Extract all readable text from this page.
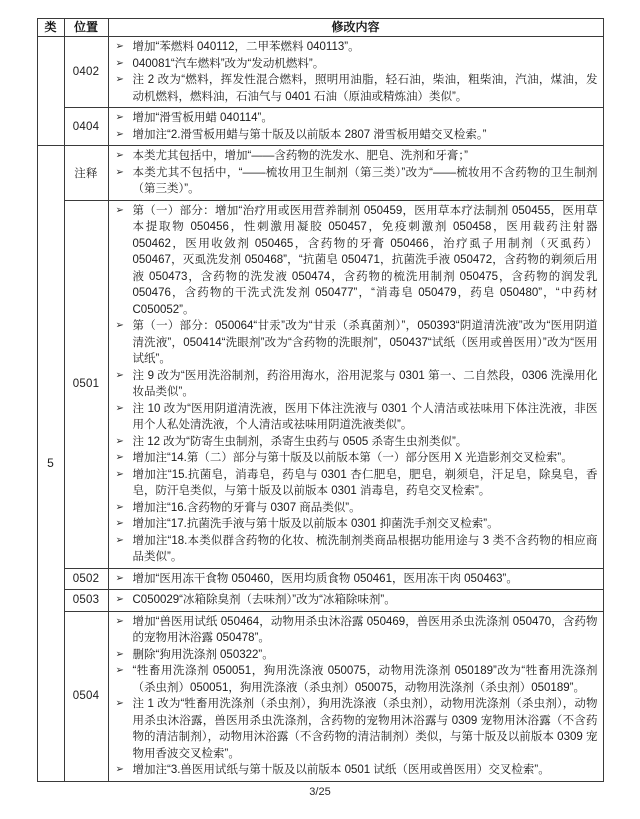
类	位置	修改内容
	0402	
➢ 增加“苯燃料 040112，二甲苯燃料 040113”。
➢ 040081“汽车燃料”改为“发动机燃料”。
➢ 注 2 改为“燃料，挥发性混合燃料，照明用油脂，轻石油，柴油，粗柴油，汽油，煤油，发动机燃料，燃料油，石油气与 0401 石油（原油或精炼油）类似”。

	0404	➢ 增加“滑雪板用蜡 040114”。
➢ 增加注“2.滑雪板用蜡与第十版及以前版本 2807 滑雪板用蜡交叉检索。”

5	注释	➢ 本类尤其包括中，增加“——含药物的洗发水、肥皂、洗剂和牙膏；”
➢ 本类尤其不包括中，“——梳妆用卫生制剂（第三类）”改为“——梳妆用不含药物的卫生制剂（第三类）”。

0501	
➢ 第（一）部分：增加“治疗用或医用营养制剂 050459，医用草本疗法制剂 050455，医用草本提取物 050456，性刺激用凝胶 050457，免疫刺激剂 050458，医用载药注射器 050462，医用收敛剂 050465，含药物的牙膏 050466，治疗虱子用制剂（灭虱药）050467，灭虱洗发剂 050468”，“抗菌皂 050471，抗菌洗手液 050472，含药物的剃须后用液 050473，含药物的洗发液 050474，含药物的梳洗用制剂 050475，含药物的润发乳 050476，含药物的干洗式洗发剂 050477”，“消毒皂 050479，药皂 050480”，“中药材 C050052”。
➢ 第（一）部分：050064“甘汞”改为“甘汞（杀真菌剂）”，050393“阴道清洗液”改为“医用阴道清洗液”，050414“洗眼剂”改为“含药物的洗眼剂”，050437“试纸（医用或兽医用）”改为“医用试纸”。
➢ 注 9 改为“医用洗浴制剂，药浴用海水，浴用泥浆与 0301 第一、二自然段，0306 洗澡用化妆品类似”。
➢ 注 10 改为“医用阴道清洗液，医用下体注洗液与 0301 个人清洁或祛味用下体注洗液，非医用个人私处清洗液，个人清洁或祛味用阴道洗液类似”。
➢ 注 12 改为“防寄生虫制剂，杀寄生虫药与 0505 杀寄生虫剂类似”。
➢ 增加注“14.第（二）部分与第十版及以前版本第（一）部分医用 X 光造影剂交叉检索”。
➢ 增加注“15.抗菌皂，消毒皂，药皂与 0301 杏仁肥皂，肥皂，剃须皂，汗足皂，除臭皂，香皂，防汗皂类似，与第十版及以前版本 0301 消毒皂，药皂交叉检索”。
➢ 增加注“16.含药物的牙膏与 0307 商品类似”。
➢ 增加注“17.抗菌洗手液与第十版及以前版本 0301 抑菌洗手剂交叉检索”。
➢ 增加注“18.本类似群含药物的化妆、梳洗制剂类商品根据功能用途与 3 类不含药物的相应商品类似”。

	0502	➢ 增加“医用冻干食物 050460，医用均质食物 050461，医用冻干肉 050463”。

	0503	➢ C050029“冰箱除臭剂（去味剂）”改为“冰箱除味剂”。

0504	
➢ 增加“兽医用试纸 050464，动物用杀虫沐浴露 050469，兽医用杀虫洗涤剂 050470，含药物的宠物用沐浴露 050478”。
➢ 删除“狗用洗涤剂 050322”。
➢ “牲畜用洗涤剂 050051，狗用洗涤液 050075，动物用洗涤剂 050189”改为“牲畜用洗涤剂（杀虫剂）050051，狗用洗涤液（杀虫剂）050075，动物用洗涤剂（杀虫剂）050189”。
➢ 注 1 改为“牲畜用洗涤剂（杀虫剂），狗用洗涤液（杀虫剂），动物用洗涤剂（杀虫剂），动物用杀虫沐浴露，兽医用杀虫洗涤剂，含药物的宠物用沐浴露与 0309 宠物用沐浴露（不含药物的清洁制剂），动物用沐浴露（不含药物的清洁制剂）类似，与第十版及以前版本 0309 宠物用香波交叉检索”。
➢ 增加注“3.兽医用试纸与第十版及以前版本 0501 试纸（医用或兽医用）交叉检索”。
3/25
